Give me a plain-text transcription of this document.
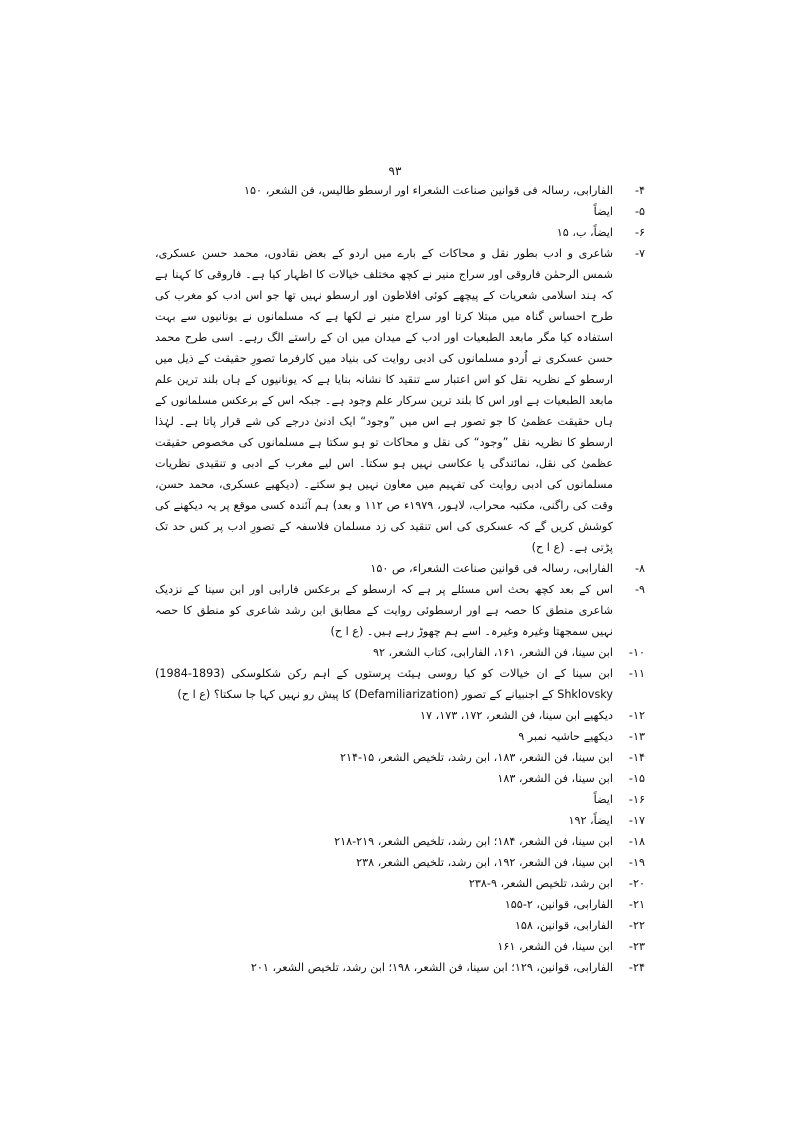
۹۳
۴-
الفارابی، رسالہ فی قوانین صناعت الشعراء اور ارسطو طالیس، فن الشعر، ۱۵۰
۵-
ایضاً
۶-
ایضاً، ب، ۱۵
۷-
شاعری و ادب بطور نقل و محاکات کے بارے میں اردو کے بعض نقادوں، محمد حسن عسکری، شمس الرحمٰن فاروقی اور سراج منیر نے کچھ مختلف خیالات کا اظہار کیا ہے۔ فاروقی کا کہنا ہے کہ ہند اسلامی شعریات کے پیچھے کوئی افلاطون اور ارسطو نہیں تھا جو اس ادب کو مغرب کی طرح احساس گناہ میں مبتلا کرتا اور سراج منیر نے لکھا ہے کہ مسلمانوں نے یونانیوں سے بہت استفادہ کیا مگر مابعد الطبعیات اور ادب کے میدان میں ان کے راستے الگ رہے۔ اسی طرح محمد حسن عسکری نے اُردو مسلمانوں کی ادبی روایت کی بنیاد میں کارفرما تصورِ حقیقت کے ذیل میں ارسطو کے نظریہ نقل کو اس اعتبار سے تنقید کا نشانہ بنایا ہے کہ یونانیوں کے ہاں بلند ترین علم مابعد الطبعیات ہے اور اس کا بلند ترین سرکار علم وجود ہے۔ جبکہ اس کے برعکس مسلمانوں کے ہاں حقیقت عظمیٰ کا جو تصور ہے اس میں ”وجود“ ایک ادنیٰ درجے کی شے قرار پاتا ہے۔ لہٰذا ارسطو کا نظریہ نقل ”وجود“ کی نقل و محاکات تو ہو سکتا ہے مسلمانوں کی مخصوص حقیقت عظمیٰ کی نقل، نمائندگی یا عکاسی نہیں ہو سکتا۔ اس لیے مغرب کے ادبی و تنقیدی نظریات مسلمانوں کی ادبی روایت کی تفہیم میں معاون نہیں ہو سکتے۔ (دیکھیے عسکری، محمد حسن، وقت کی راگنی، مکتبہ محراب، لاہور، ۱۹۷۹ء ص ۱۱۲ و بعد) ہم آئندہ کسی موقع پر یہ دیکھنے کی کوشش کریں گے کہ عسکری کی اس تنقید کی زد مسلمان فلاسفہ کے تصورِ ادب پر کس حد تک پڑتی ہے۔ (ع ا ح)
۸-
الفارابی، رسالہ فی قوانین صناعت الشعراء، ص ۱۵۰
۹-
اس کے بعد کچھ بحث اس مسئلے پر ہے کہ ارسطو کے برعکس فارابی اور ابن سینا کے نزدیک شاعری منطق کا حصہ ہے اور ارسطوئی روایت کے مطابق ابن رشد شاعری کو منطق کا حصہ نہیں سمجھتا وغیرہ وغیرہ۔ اسے ہم چھوڑ رہے ہیں۔ (ع ا ح)
۱۰-
ابن سینا، فن الشعر، ۱۶۱، الفارابی، کتاب الشعر، ۹۲
۱۱-
ابن سینا کے ان خیالات کو کیا روسی ہیئت پرستوں کے اہم رکن شکلوسکی (1893-1984) Shklovsky کے اجنبیانے کے تصور (Defamiliarization) کا پیش رو نہیں کہا جا سکتا؟ (ع ا ح)
۱۲-
دیکھیے ابن سینا، فن الشعر، ۱۷۲، ۱۷۳، ۱۷
۱۳-
دیکھیے حاشیہ نمبر ۹
۱۴-
ابن سینا، فن الشعر، ۱۸۳، ابن رشد، تلخیص الشعر، ۱۵-۲۱۴
۱۵-
ابن سینا، فن الشعر، ۱۸۳
۱۶-
ایضاً
۱۷-
ایضاً، ۱۹۲
۱۸-
ابن سینا، فن الشعر، ۱۸۴؛ ابن رشد، تلخیص الشعر، ۲۱۹-۲۱۸
۱۹-
ابن سینا، فن الشعر، ۱۹۲، ابن رشد، تلخیص الشعر، ۲۳۸
۲۰-
ابن رشد، تلخیص الشعر، ۹-۲۳۸
۲۱-
الفارابی، قوانین، ۲-۱۵۵
۲۲-
الفارابی، قوانین، ۱۵۸
۲۳-
ابن سینا، فن الشعر، ۱۶۱
۲۴-
الفارابی، قوانین، ۱۲۹؛ ابن سینا، فن الشعر، ۱۹۸؛ ابن رشد، تلخیص الشعر، ۲۰۱
